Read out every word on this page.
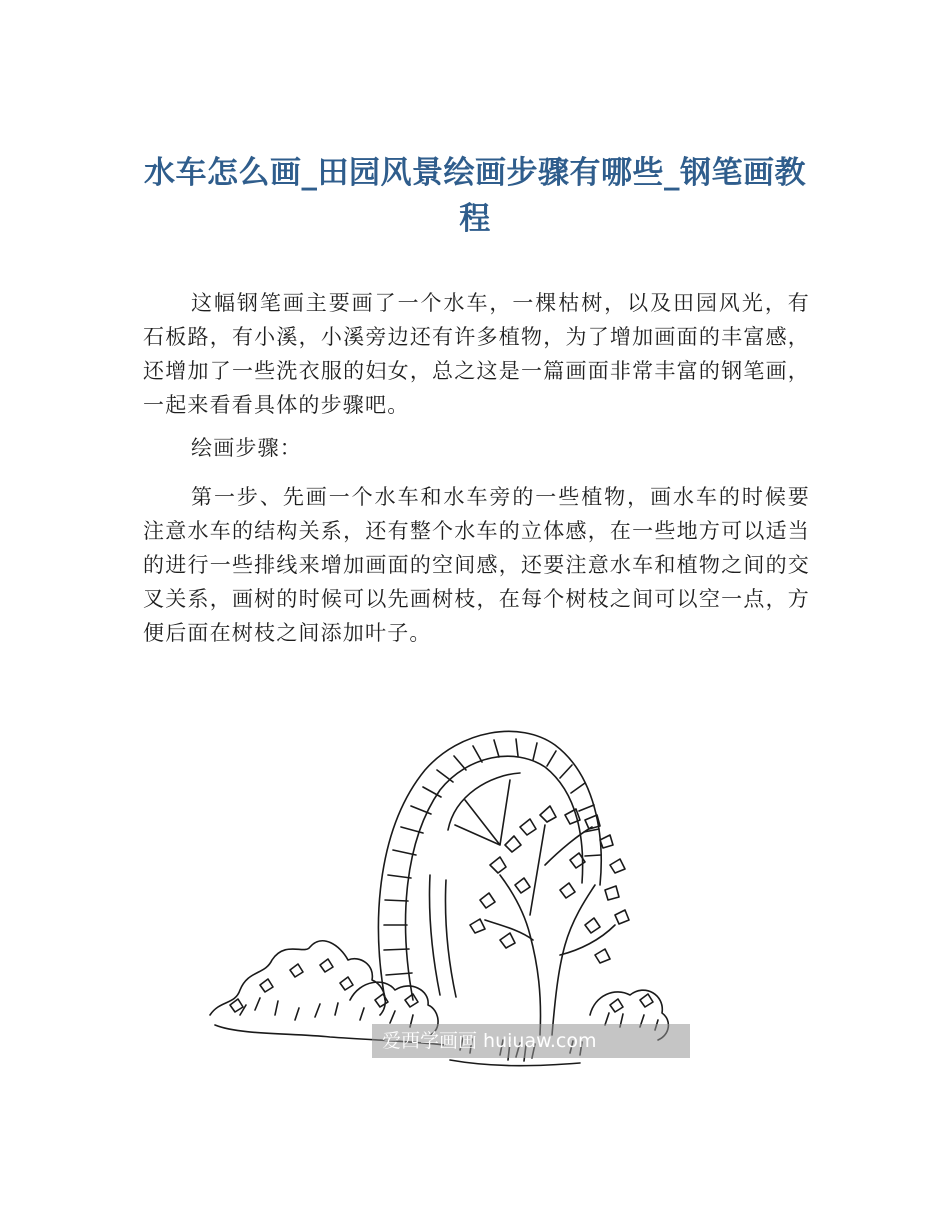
水车怎么画_田园风景绘画步骤有哪些_钢笔画教程

这幅钢笔画主要画了一个水车，一棵枯树，以及田园风光，有石板路，有小溪，小溪旁边还有许多植物，为了增加画面的丰富感，还增加了一些洗衣服的妇女，总之这是一篇画面非常丰富的钢笔画，一起来看看具体的步骤吧。

绘画步骤：

第一步、先画一个水车和水车旁的一些植物，画水车的时候要注意水车的结构关系，还有整个水车的立体感，在一些地方可以适当的进行一些排线来增加画面的空间感，还要注意水车和植物之间的交叉关系，画树的时候可以先画树枝，在每个树枝之间可以空一点，方便后面在树枝之间添加叶子。

爱西学画画 huiuaw.com
